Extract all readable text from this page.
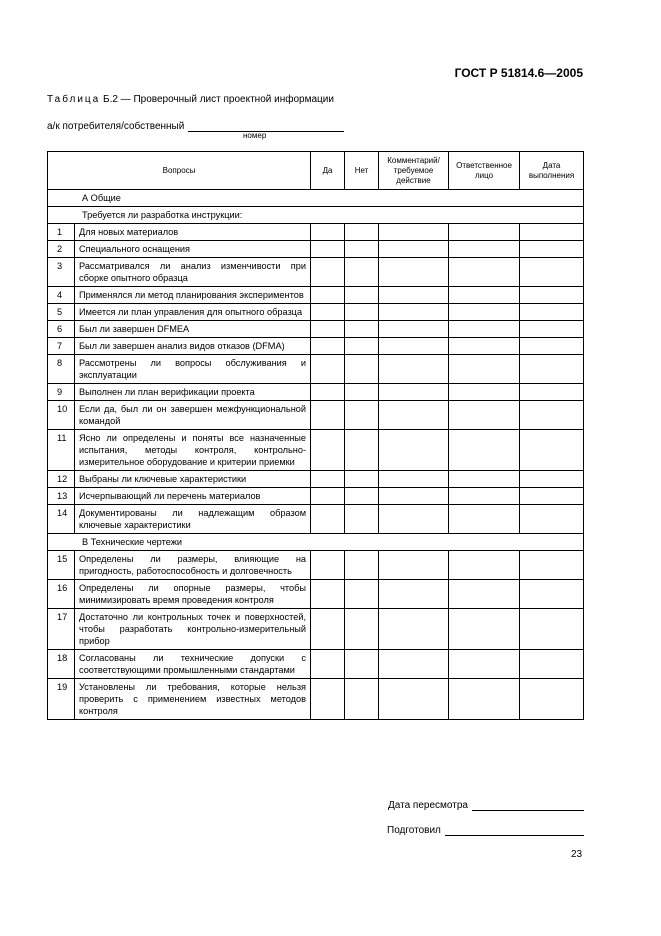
ГОСТ Р 51814.6—2005
Таблица Б.2 — Проверочный лист проектной информации
а/к потребителя/собственный
номер
Вопросы		Да	Нет	Комментарий/ требуемое действие	Ответственное лицо	Дата выполнения
А Общие						
Требуется ли разработка инструкции:						
1	Для новых материалов					
2	Специального оснащения					
3	Рассматривался ли анализ изменчивости при сборке опытного образца					
4	Применялся ли метод планирования экспериментов					
5	Имеется ли план управления для опытного образца					
6	Был ли завершен DFMEA					
7	Был ли завершен анализ видов отказов (DFMA)					
8	Рассмотрены ли вопросы обслуживания и эксплуатации					
9	Выполнен ли план верификации проекта					
10	Если да, был ли он завершен межфункциональной командой					
11	Ясно ли определены и поняты все назначенные испытания, методы контроля, контрольно-измерительное оборудование и критерии приемки					
12	Выбраны ли ключевые характеристики					
13	Исчерпывающий ли перечень материалов					
14	Документированы ли надлежащим образом ключевые характеристики					
В Технические чертежи						
15	Определены ли размеры, влияющие на пригодность, работоспособность и долговечность					
16	Определены ли опорные размеры, чтобы минимизировать время проведения контроля					
17	Достаточно ли контрольных точек и поверхностей, чтобы разработать контрольно-измерительный прибор					
18	Согласованы ли технические допуски с соответствующими промышленными стандартами					
19	Установлены ли требования, которые нельзя проверить с применением известных методов контроля					
Дата пересмотра
Подготовил
23
